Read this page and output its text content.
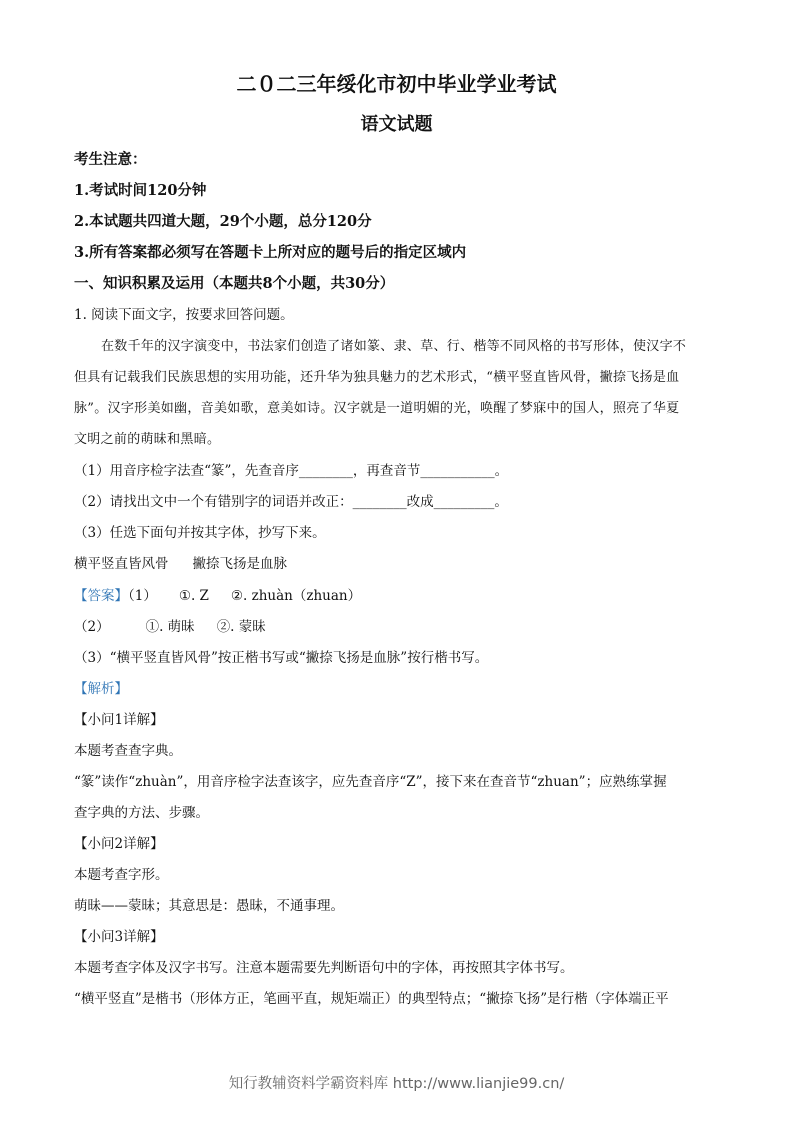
二０二三年绥化市初中毕业学业考试
语文试题
考生注意：
1.考试时间120分钟
2.本试题共四道大题，29个小题，总分120分
3.所有答案都必须写在答题卡上所对应的题号后的指定区域内
一、知识积累及运用（本题共8个小题，共30分）
1. 阅读下面文字，按要求回答问题。
在数千年的汉字演变中，书法家们创造了诸如篆、隶、草、行、楷等不同风格的书写形体，使汉字不
但具有记载我们民族思想的实用功能，还升华为独具魅力的艺术形式，“横平竖直皆风骨，撇捺飞扬是血
脉”。汉字形美如幽，音美如歌，意美如诗。汉字就是一道明媚的光，唤醒了梦寐中的国人，照亮了华夏
文明之前的萌昧和黑暗。
（1）用音序检字法查“篆”，先查音序________，再查音节___________。
（2）请找出文中一个有错别字的词语并改正：________改成_________。
（3）任选下面句并按其字体，抄写下来。
横平竖直皆风骨 撇捺飞扬是血脉
【答案】（1） ①. Z ②. zhuàn（zhuan）
（2）	①. 萌昧 ②. 蒙昧
（3）“横平竖直皆风骨”按正楷书写或“撇捺飞扬是血脉”按行楷书写。
【解析】
【小问1详解】
本题考查查字典。
“篆”读作“zhuàn”，用音序检字法查该字，应先查音序“Z”，接下来在查音节“zhuan”；应熟练掌握
查字典的方法、步骤。
【小问2详解】
本题考查字形。
萌昧——蒙昧；其意思是：愚昧，不通事理。
【小问3详解】
本题考查字体及汉字书写。注意本题需要先判断语句中的字体，再按照其字体书写。
“横平竖直”是楷书（形体方正，笔画平直，规矩端正）的典型特点；“撇捺飞扬”是行楷（字体端正平
知行教辅资料学霸资料库 http://www.lianjie99.cn/
